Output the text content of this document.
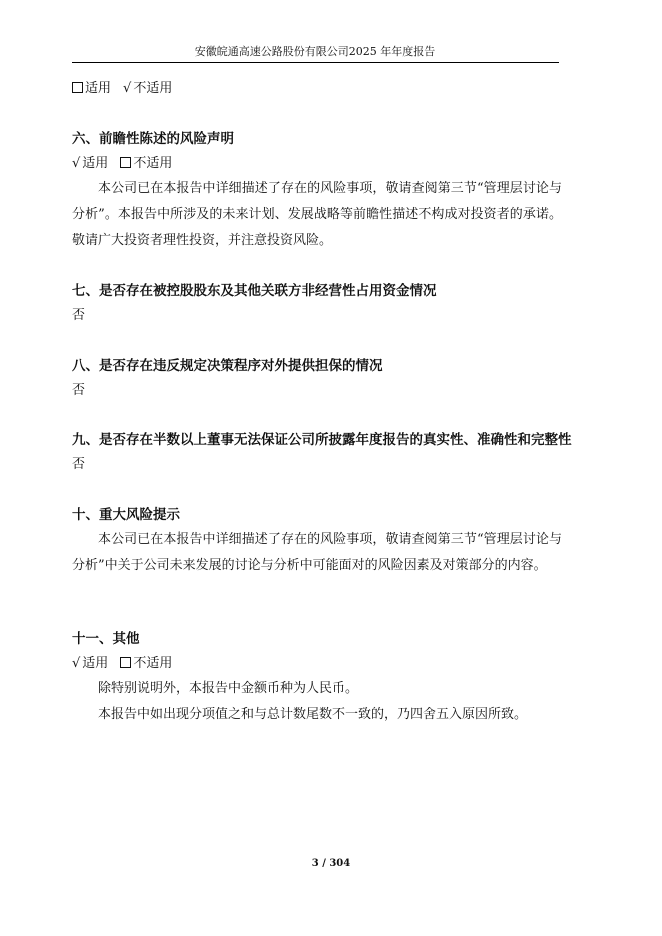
安徽皖通高速公路股份有限公司2025 年年度报告
适用 √ 不适用
六、前瞻性陈述的风险声明
√ 适用 不适用
本公司已在本报告中详细描述了存在的风险事项，敬请查阅第三节“管理层讨论与分析”。本报告中所涉及的未来计划、发展战略等前瞻性描述不构成对投资者的承诺。敬请广大投资者理性投资，并注意投资风险。
七、是否存在被控股股东及其他关联方非经营性占用资金情况
否
八、是否存在违反规定决策程序对外提供担保的情况
否
九、是否存在半数以上董事无法保证公司所披露年度报告的真实性、准确性和完整性
否
十、重大风险提示
本公司已在本报告中详细描述了存在的风险事项，敬请查阅第三节“管理层讨论与分析”中关于公司未来发展的讨论与分析中可能面对的风险因素及对策部分的内容。
十一、其他
√ 适用 不适用
除特别说明外，本报告中金额币种为人民币。
本报告中如出现分项值之和与总计数尾数不一致的，乃四舍五入原因所致。
3 / 304
